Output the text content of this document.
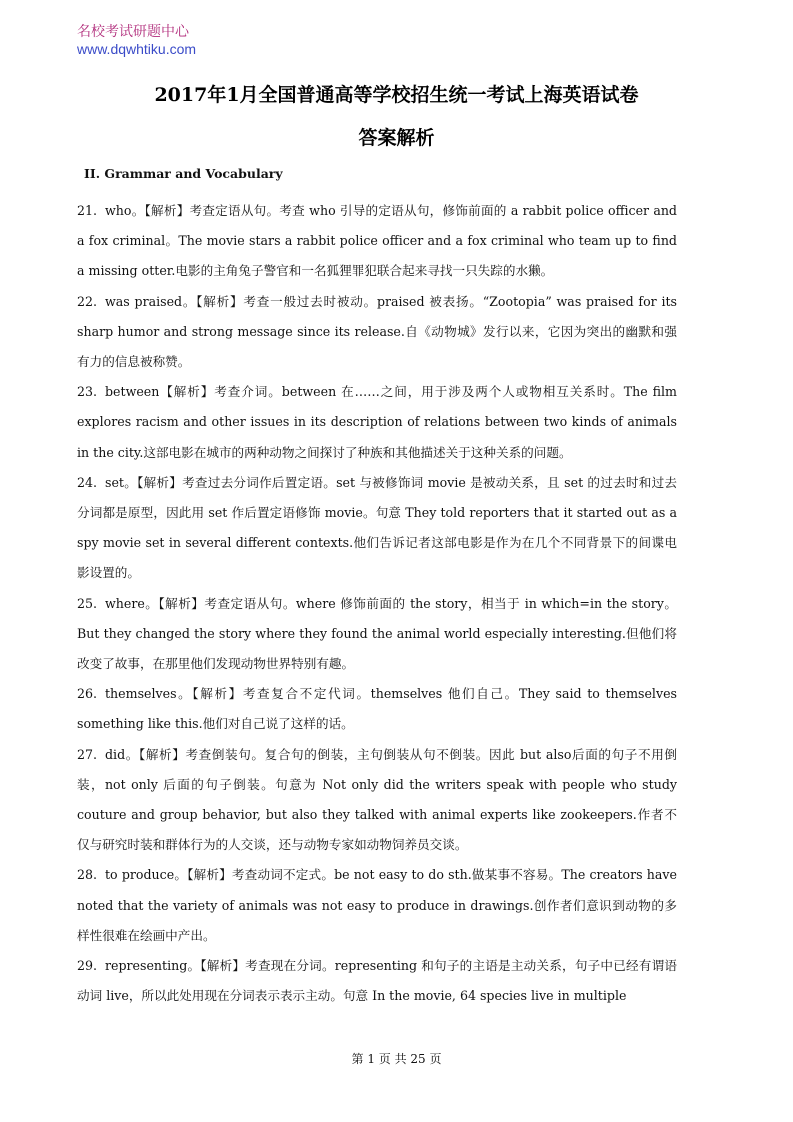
名校考试研题中心
www.dqwhtiku.com
2017年1月全国普通高等学校招生统一考试上海英语试卷
答案解析
II. Grammar and Vocabulary

21. who。【解析】考查定语从句。考查 who 引导的定语从句，修饰前面的 a rabbit police officer and a fox criminal。The movie stars a rabbit police officer and a fox criminal who team up to find a missing otter.电影的主角兔子警官和一名狐狸罪犯联合起来寻找一只失踪的水獭。

22. was praised。【解析】考查一般过去时被动。praised 被表扬。“Zootopia” was praised for its sharp humor and strong message since its release.自《动物城》发行以来，它因为突出的幽默和强有力的信息被称赞。

23. between【解析】考查介词。between 在……之间，用于涉及两个人或物相互关系时。The film explores racism and other issues in its description of relations between two kinds of animals in the city.这部电影在城市的两种动物之间探讨了种族和其他描述关于这种关系的问题。

24. set。【解析】考查过去分词作后置定语。set 与被修饰词 movie 是被动关系，且 set 的过去时和过去分词都是原型，因此用 set 作后置定语修饰 movie。句意 They told reporters that it started out as a spy movie set in several different contexts.他们告诉记者这部电影是作为在几个不同背景下的间谍电影设置的。

25. where。【解析】考查定语从句。where 修饰前面的 the story，相当于 in which=in the story。 But they changed the story where they found the animal world especially interesting.但他们将改变了故事，在那里他们发现动物世界特别有趣。

26. themselves。【解析】考查复合不定代词。themselves 他们自己。They said to themselves something like this.他们对自己说了这样的话。

27. did。【解析】考查倒装句。复合句的倒装，主句倒装从句不倒装。因此 but also后面的句子不用倒装，not only 后面的句子倒装。句意为 Not only did the writers speak with people who study couture and group behavior, but also they talked with animal experts like zookeepers.作者不仅与研究时装和群体行为的人交谈，还与动物专家如动物饲养员交谈。

28. to produce。【解析】考查动词不定式。be not easy to do sth.做某事不容易。The creators have noted that the variety of animals was not easy to produce in drawings.创作者们意识到动物的多样性很难在绘画中产出。

29. representing。【解析】考查现在分词。representing 和句子的主语是主动关系，句子中已经有谓语动词 live，所以此处用现在分词表示表示主动。句意 In the movie, 64 species live in multiple

第 1 页 共 25 页
